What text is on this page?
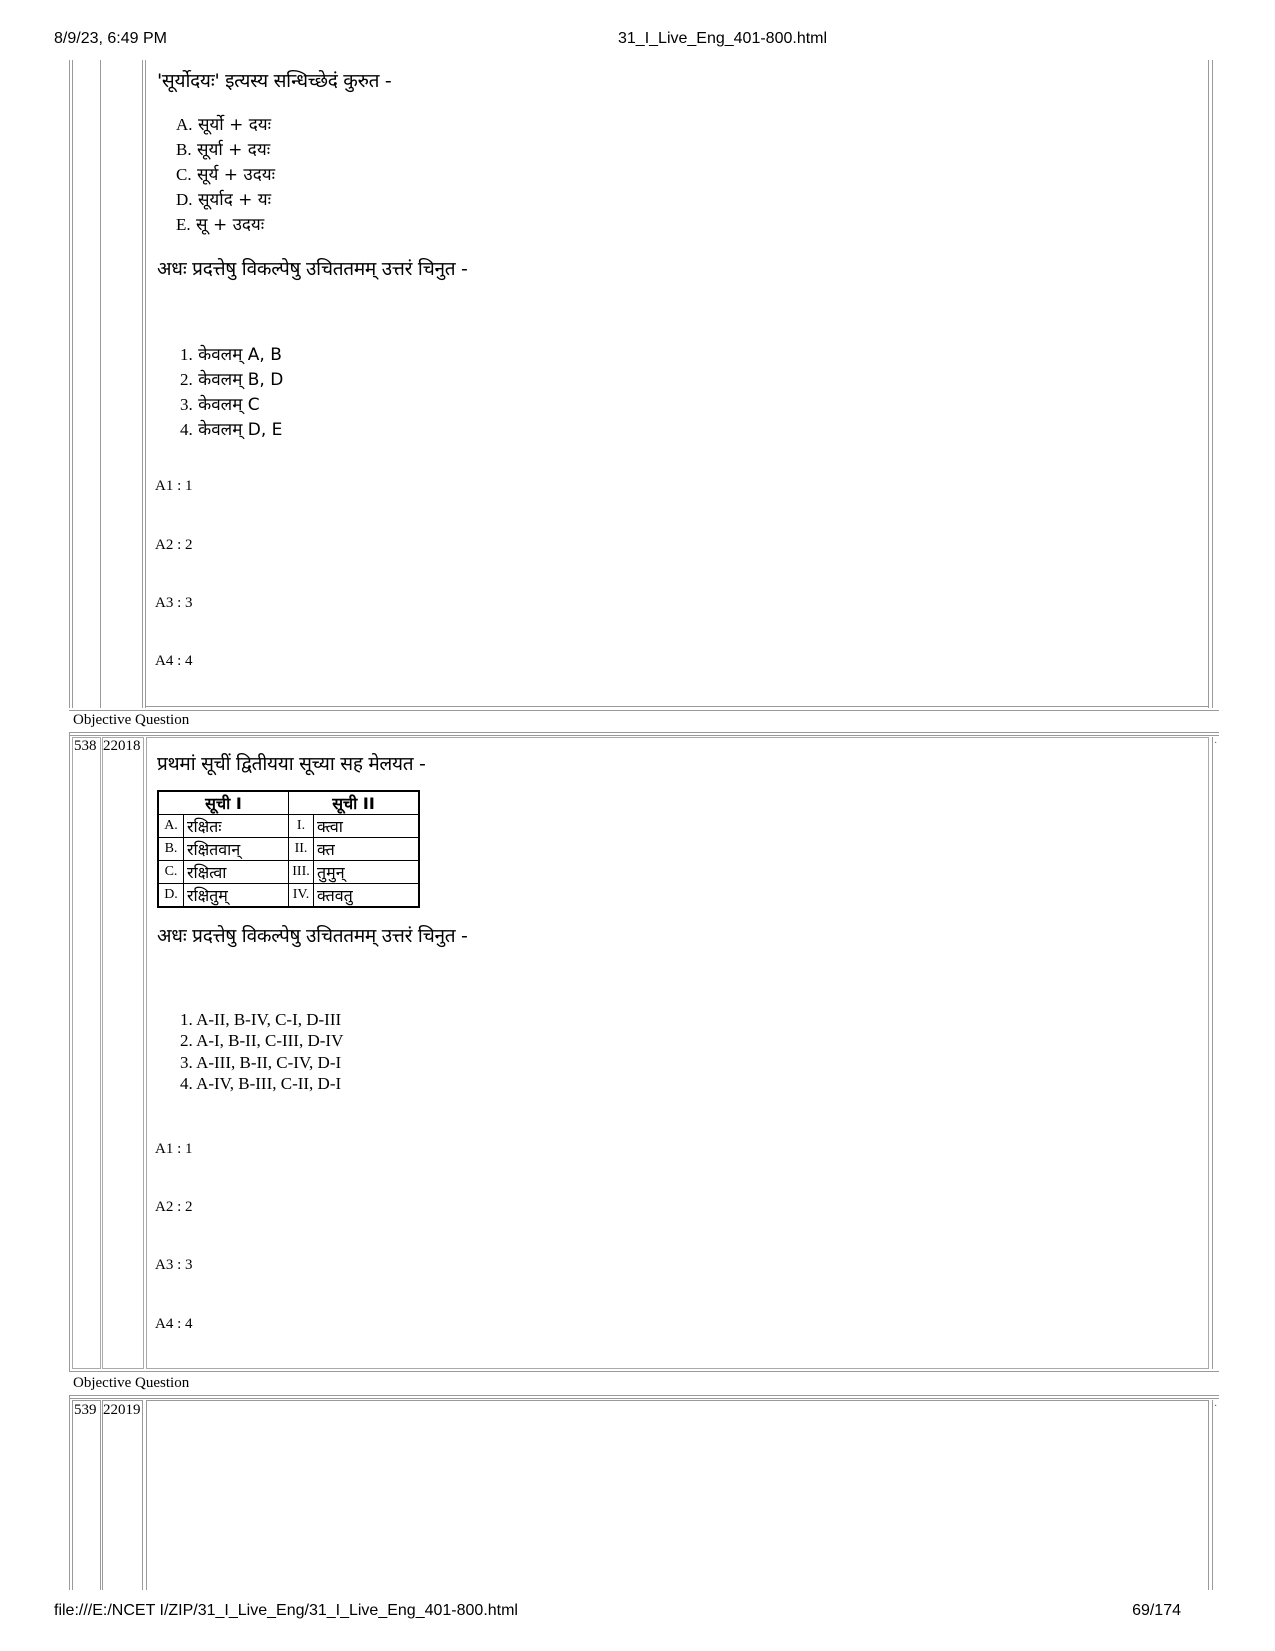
8/9/23, 6:49 PM	31_I_Live_Eng_401-800.html
'सूर्योदयः' इत्यस्य सन्धिच्छेदं कुरुत -
A. सूर्यो + दयः
B. सूर्या + दयः
C. सूर्य + उदयः
D. सूर्याद + यः
E. सू + उदयः
अधः प्रदत्तेषु विकल्पेषु उचिततमम् उत्तरं चिनुत -
1. केवलम् A, B
2. केवलम् B, D
3. केवलम् C
4. केवलम् D, E
A1 : 1
A2 : 2
A3 : 3
A4 : 4
Objective Question
·
538 22018
प्रथमां सूचीं द्वितीयया सूच्या सह मेलयत -
सूची I		सूची II	
A.	रक्षितः	I.	क्त्वा
B.	रक्षितवान्	II.	क्त
C.	रक्षित्वा	III.	तुमुन्
D.	रक्षितुम्	IV.	क्तवतु
अधः प्रदत्तेषु विकल्पेषु उचिततमम् उत्तरं चिनुत -
1. A-II, B-IV, C-I, D-III
2. A-I, B-II, C-III, D-IV
3. A-III, B-II, C-IV, D-I
4. A-IV, B-III, C-II, D-I
A1 : 1
A2 : 2
A3 : 3
A4 : 4
Objective Question
·
539 22019
file:///E:/NCET I/ZIP/31_I_Live_Eng/31_I_Live_Eng_401-800.html	69/174
